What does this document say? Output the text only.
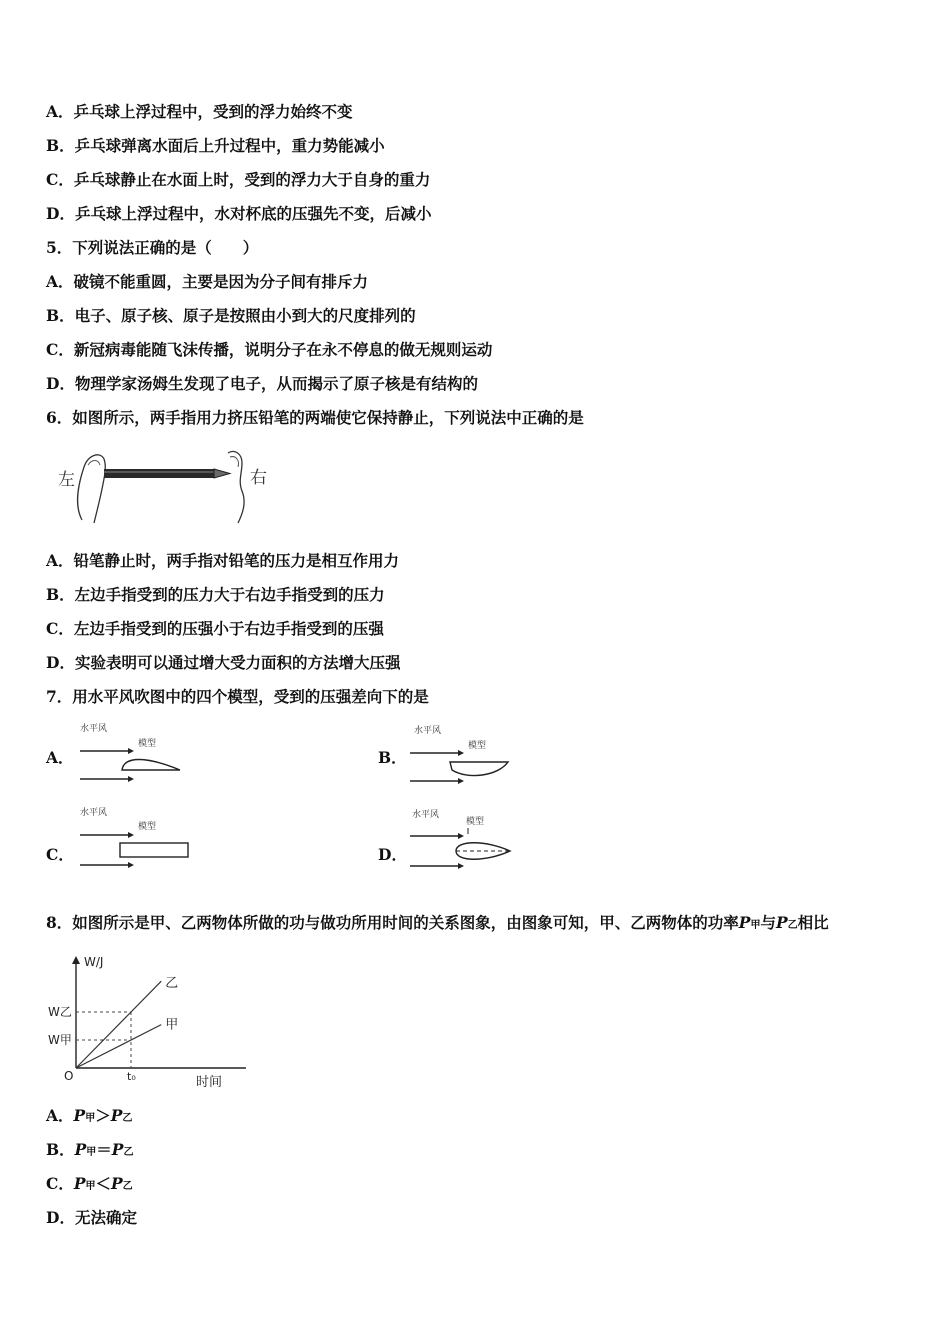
A．乒乓球上浮过程中，受到的浮力始终不变
B．乒乓球弹离水面后上升过程中，重力势能减小
C．乒乓球静止在水面上时，受到的浮力大于自身的重力
D．乒乓球上浮过程中，水对杯底的压强先不变，后减小
5．下列说法正确的是（　　）
A．破镜不能重圆，主要是因为分子间有排斥力
B．电子、原子核、原子是按照由小到大的尺度排列的
C．新冠病毒能随飞沫传播，说明分子在永不停息的做无规则运动
D．物理学家汤姆生发现了电子，从而揭示了原子核是有结构的
6．如图所示，两手指用力挤压铅笔的两端使它保持静止，下列说法中正确的是
左	右
A．铅笔静止时，两手指对铅笔的压力是相互作用力
B．左边手指受到的压力大于右边手指受到的压力
C．左边手指受到的压强小于右边手指受到的压强
D．实验表明可以通过增大受力面积的方法增大压强
7．用水平风吹图中的四个模型，受到的压强差向下的是
A．
水平风
模型
B．
水平风
模型
C．
水平风
模型
D．
水平风
模型
8．如图所示是甲、乙两物体所做的功与做功所用时间的关系图象，由图象可知，甲、乙两物体的功率P甲与P乙相比
W/J
时间
O	t₀
W乙
W甲
乙
甲
A．P甲＞P乙
B．P甲＝P乙
C．P甲＜P乙
D．无法确定
